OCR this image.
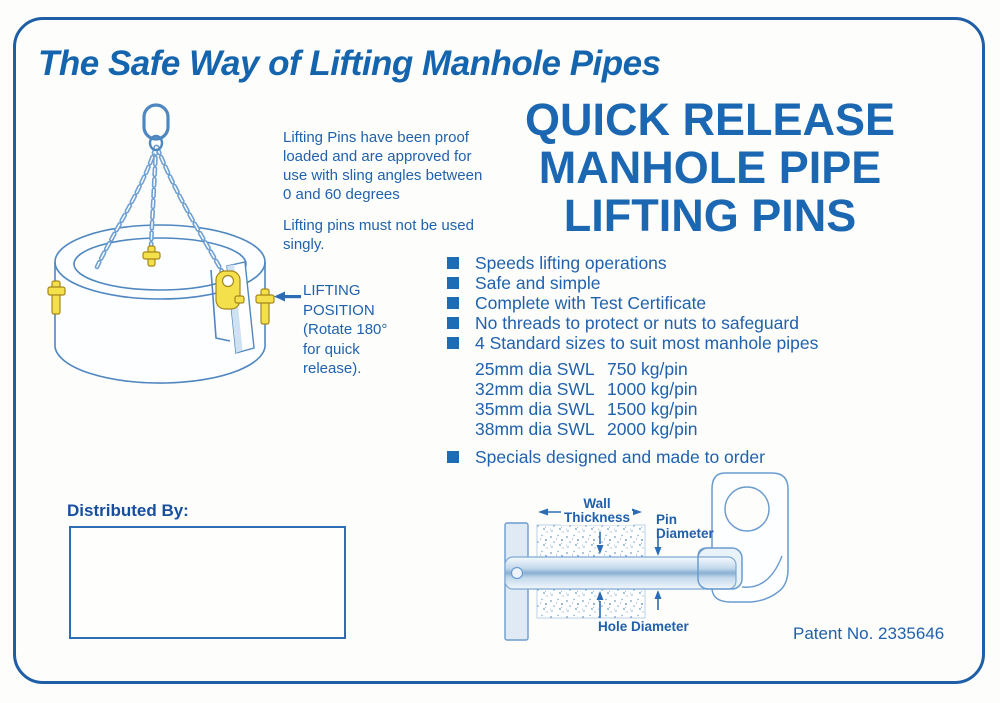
The Safe Way of Lifting Manhole Pipes

Lifting Pins have been proof loaded and are approved for use with sling angles between 0 and 60 degrees

Lifting pins must not be used singly.

LIFTING POSITION (Rotate 180° for quick release).
QUICK RELEASE
MANHOLE PIPE
LIFTING PINS
Speeds lifting operations
Safe and simple
Complete with Test Certificate
No threads to protect or nuts to safeguard
4 Standard sizes to suit most manhole pipes
25mm dia SWL 750 kg/pin
32mm dia SWL 1000 kg/pin
35mm dia SWL 1500 kg/pin
38mm dia SWL 2000 kg/pin
Specials designed and made to order
Distributed By:	Wall
Thickness	Pin Diameter
Hole Diameter	Patent No. 2335646
